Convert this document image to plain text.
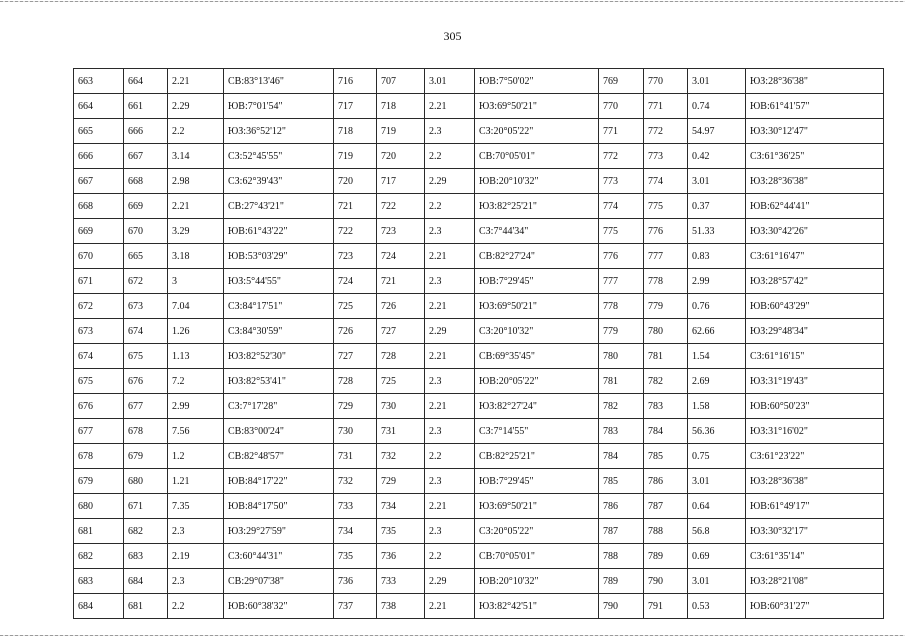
305
663	664	2.21	СВ:83°13'46"	716	707	3.01	ЮВ:7°50'02"	769	770	3.01	ЮЗ:28°36'38"
664	661	2.29	ЮВ:7°01'54"	717	718	2.21	ЮЗ:69°50'21"	770	771	0.74	ЮВ:61°41'57"
665	666	2.2	ЮЗ:36°52'12"	718	719	2.3	СЗ:20°05'22"	771	772	54.97	ЮЗ:30°12'47"
666	667	3.14	СЗ:52°45'55"	719	720	2.2	СВ:70°05'01"	772	773	0.42	СЗ:61°36'25"
667	668	2.98	СЗ:62°39'43"	720	717	2.29	ЮВ:20°10'32"	773	774	3.01	ЮЗ:28°36'38"
668	669	2.21	СВ:27°43'21"	721	722	2.2	ЮЗ:82°25'21"	774	775	0.37	ЮВ:62°44'41"
669	670	3.29	ЮВ:61°43'22"	722	723	2.3	СЗ:7°44'34"	775	776	51.33	ЮЗ:30°42'26"
670	665	3.18	ЮВ:53°03'29"	723	724	2.21	СВ:82°27'24"	776	777	0.83	СЗ:61°16'47"
671	672	3	ЮЗ:5°44'55"	724	721	2.3	ЮВ:7°29'45"	777	778	2.99	ЮЗ:28°57'42"
672	673	7.04	СЗ:84°17'51"	725	726	2.21	ЮЗ:69°50'21"	778	779	0.76	ЮВ:60°43'29"
673	674	1.26	СЗ:84°30'59"	726	727	2.29	СЗ:20°10'32"	779	780	62.66	ЮЗ:29°48'34"
674	675	1.13	ЮЗ:82°52'30"	727	728	2.21	СВ:69°35'45"	780	781	1.54	СЗ:61°16'15"
675	676	7.2	ЮЗ:82°53'41"	728	725	2.3	ЮВ:20°05'22"	781	782	2.69	ЮЗ:31°19'43"
676	677	2.99	СЗ:7°17'28"	729	730	2.21	ЮЗ:82°27'24"	782	783	1.58	ЮВ:60°50'23"
677	678	7.56	СВ:83°00'24"	730	731	2.3	СЗ:7°14'55"	783	784	56.36	ЮЗ:31°16'02"
678	679	1.2	СВ:82°48'57"	731	732	2.2	СВ:82°25'21"	784	785	0.75	СЗ:61°23'22"
679	680	1.21	ЮВ:84°17'22"	732	729	2.3	ЮВ:7°29'45"	785	786	3.01	ЮЗ:28°36'38"
680	671	7.35	ЮВ:84°17'50"	733	734	2.21	ЮЗ:69°50'21"	786	787	0.64	ЮВ:61°49'17"
681	682	2.3	ЮЗ:29°27'59"	734	735	2.3	СЗ:20°05'22"	787	788	56.8	ЮЗ:30°32'17"
682	683	2.19	СЗ:60°44'31"	735	736	2.2	СВ:70°05'01"	788	789	0.69	СЗ:61°35'14"
683	684	2.3	СВ:29°07'38"	736	733	2.29	ЮВ:20°10'32"	789	790	3.01	ЮЗ:28°21'08"
684	681	2.2	ЮВ:60°38'32"	737	738	2.21	ЮЗ:82°42'51"	790	791	0.53	ЮВ:60°31'27"
